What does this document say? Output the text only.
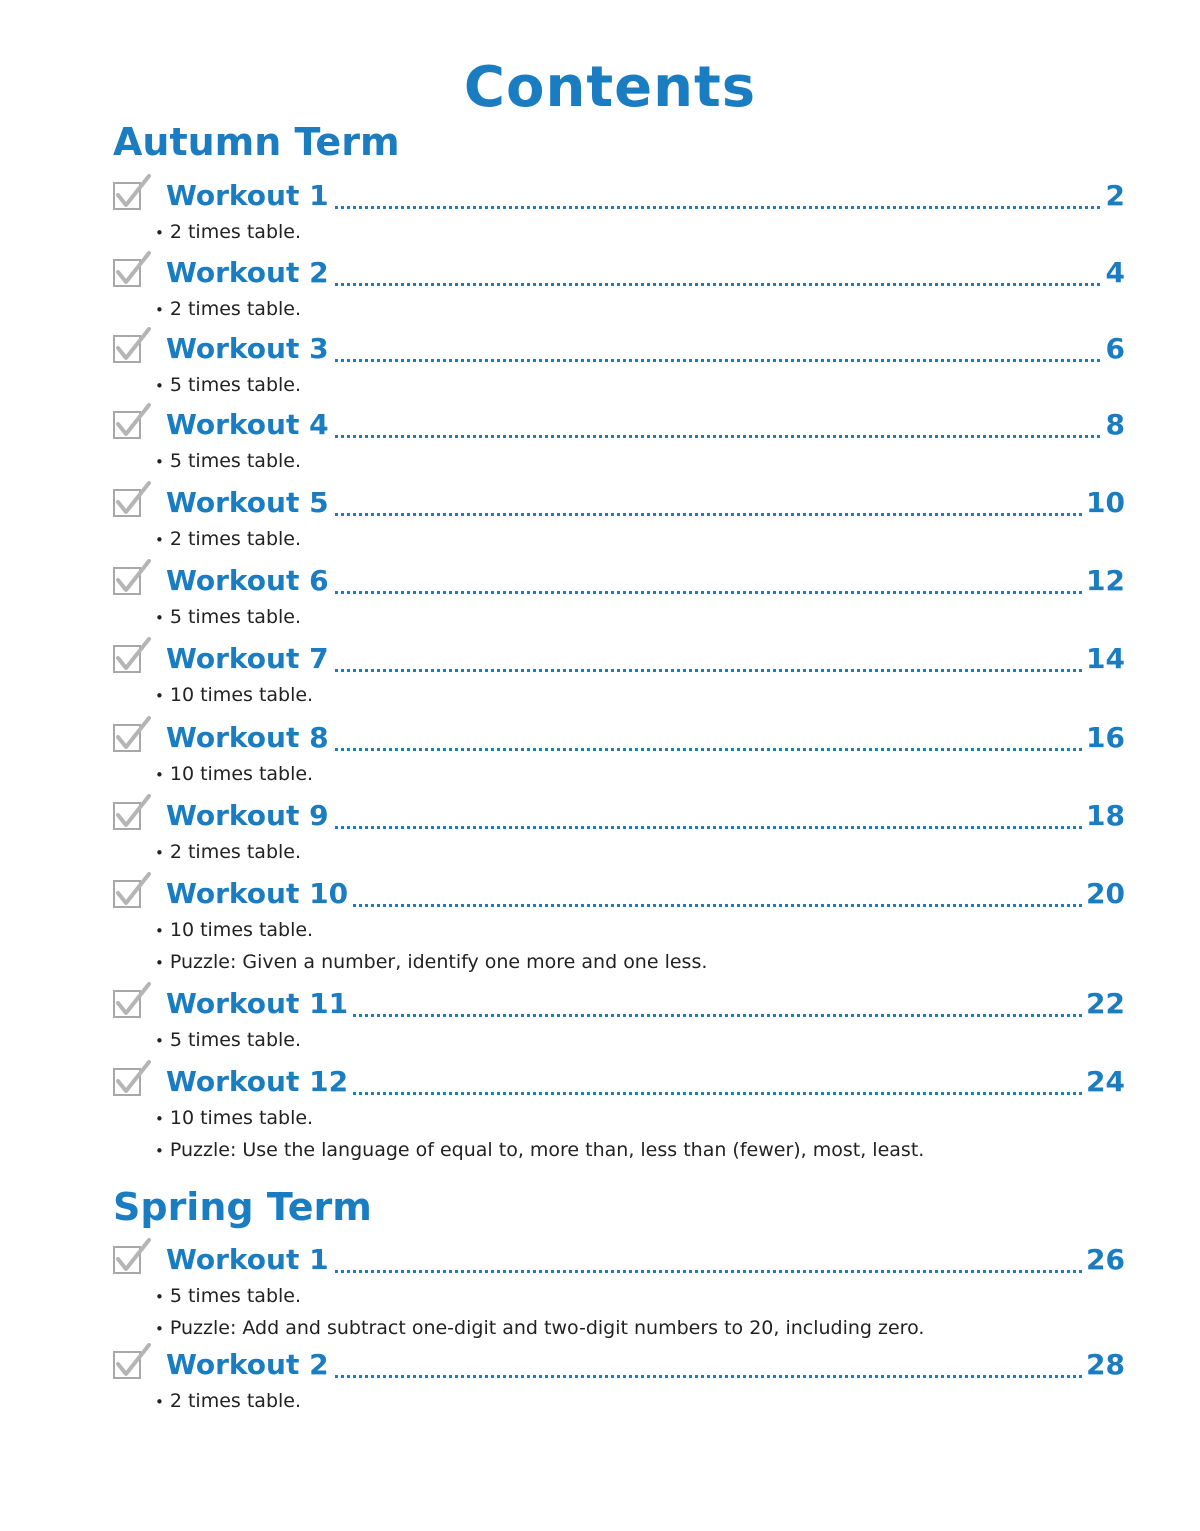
Contents
Autumn Term
Workout 1	2
• 2 times table.
Workout 2	4
• 2 times table.
Workout 3	6
• 5 times table.
Workout 4	8
• 5 times table.
Workout 5	10
• 2 times table.
Workout 6	12
• 5 times table.
Workout 7	14
• 10 times table.
Workout 8	16
• 10 times table.
Workout 9	18
• 2 times table.
Workout 10	20
• 10 times table.
• Puzzle: Given a number, identify one more and one less.
Workout 11	22
• 5 times table.
Workout 12	24
• 10 times table.
• Puzzle: Use the language of equal to, more than, less than (fewer), most, least.
Spring Term
Workout 1	26
• 5 times table.
• Puzzle: Add and subtract one-digit and two-digit numbers to 20, including zero.
Workout 2	28
• 2 times table.
